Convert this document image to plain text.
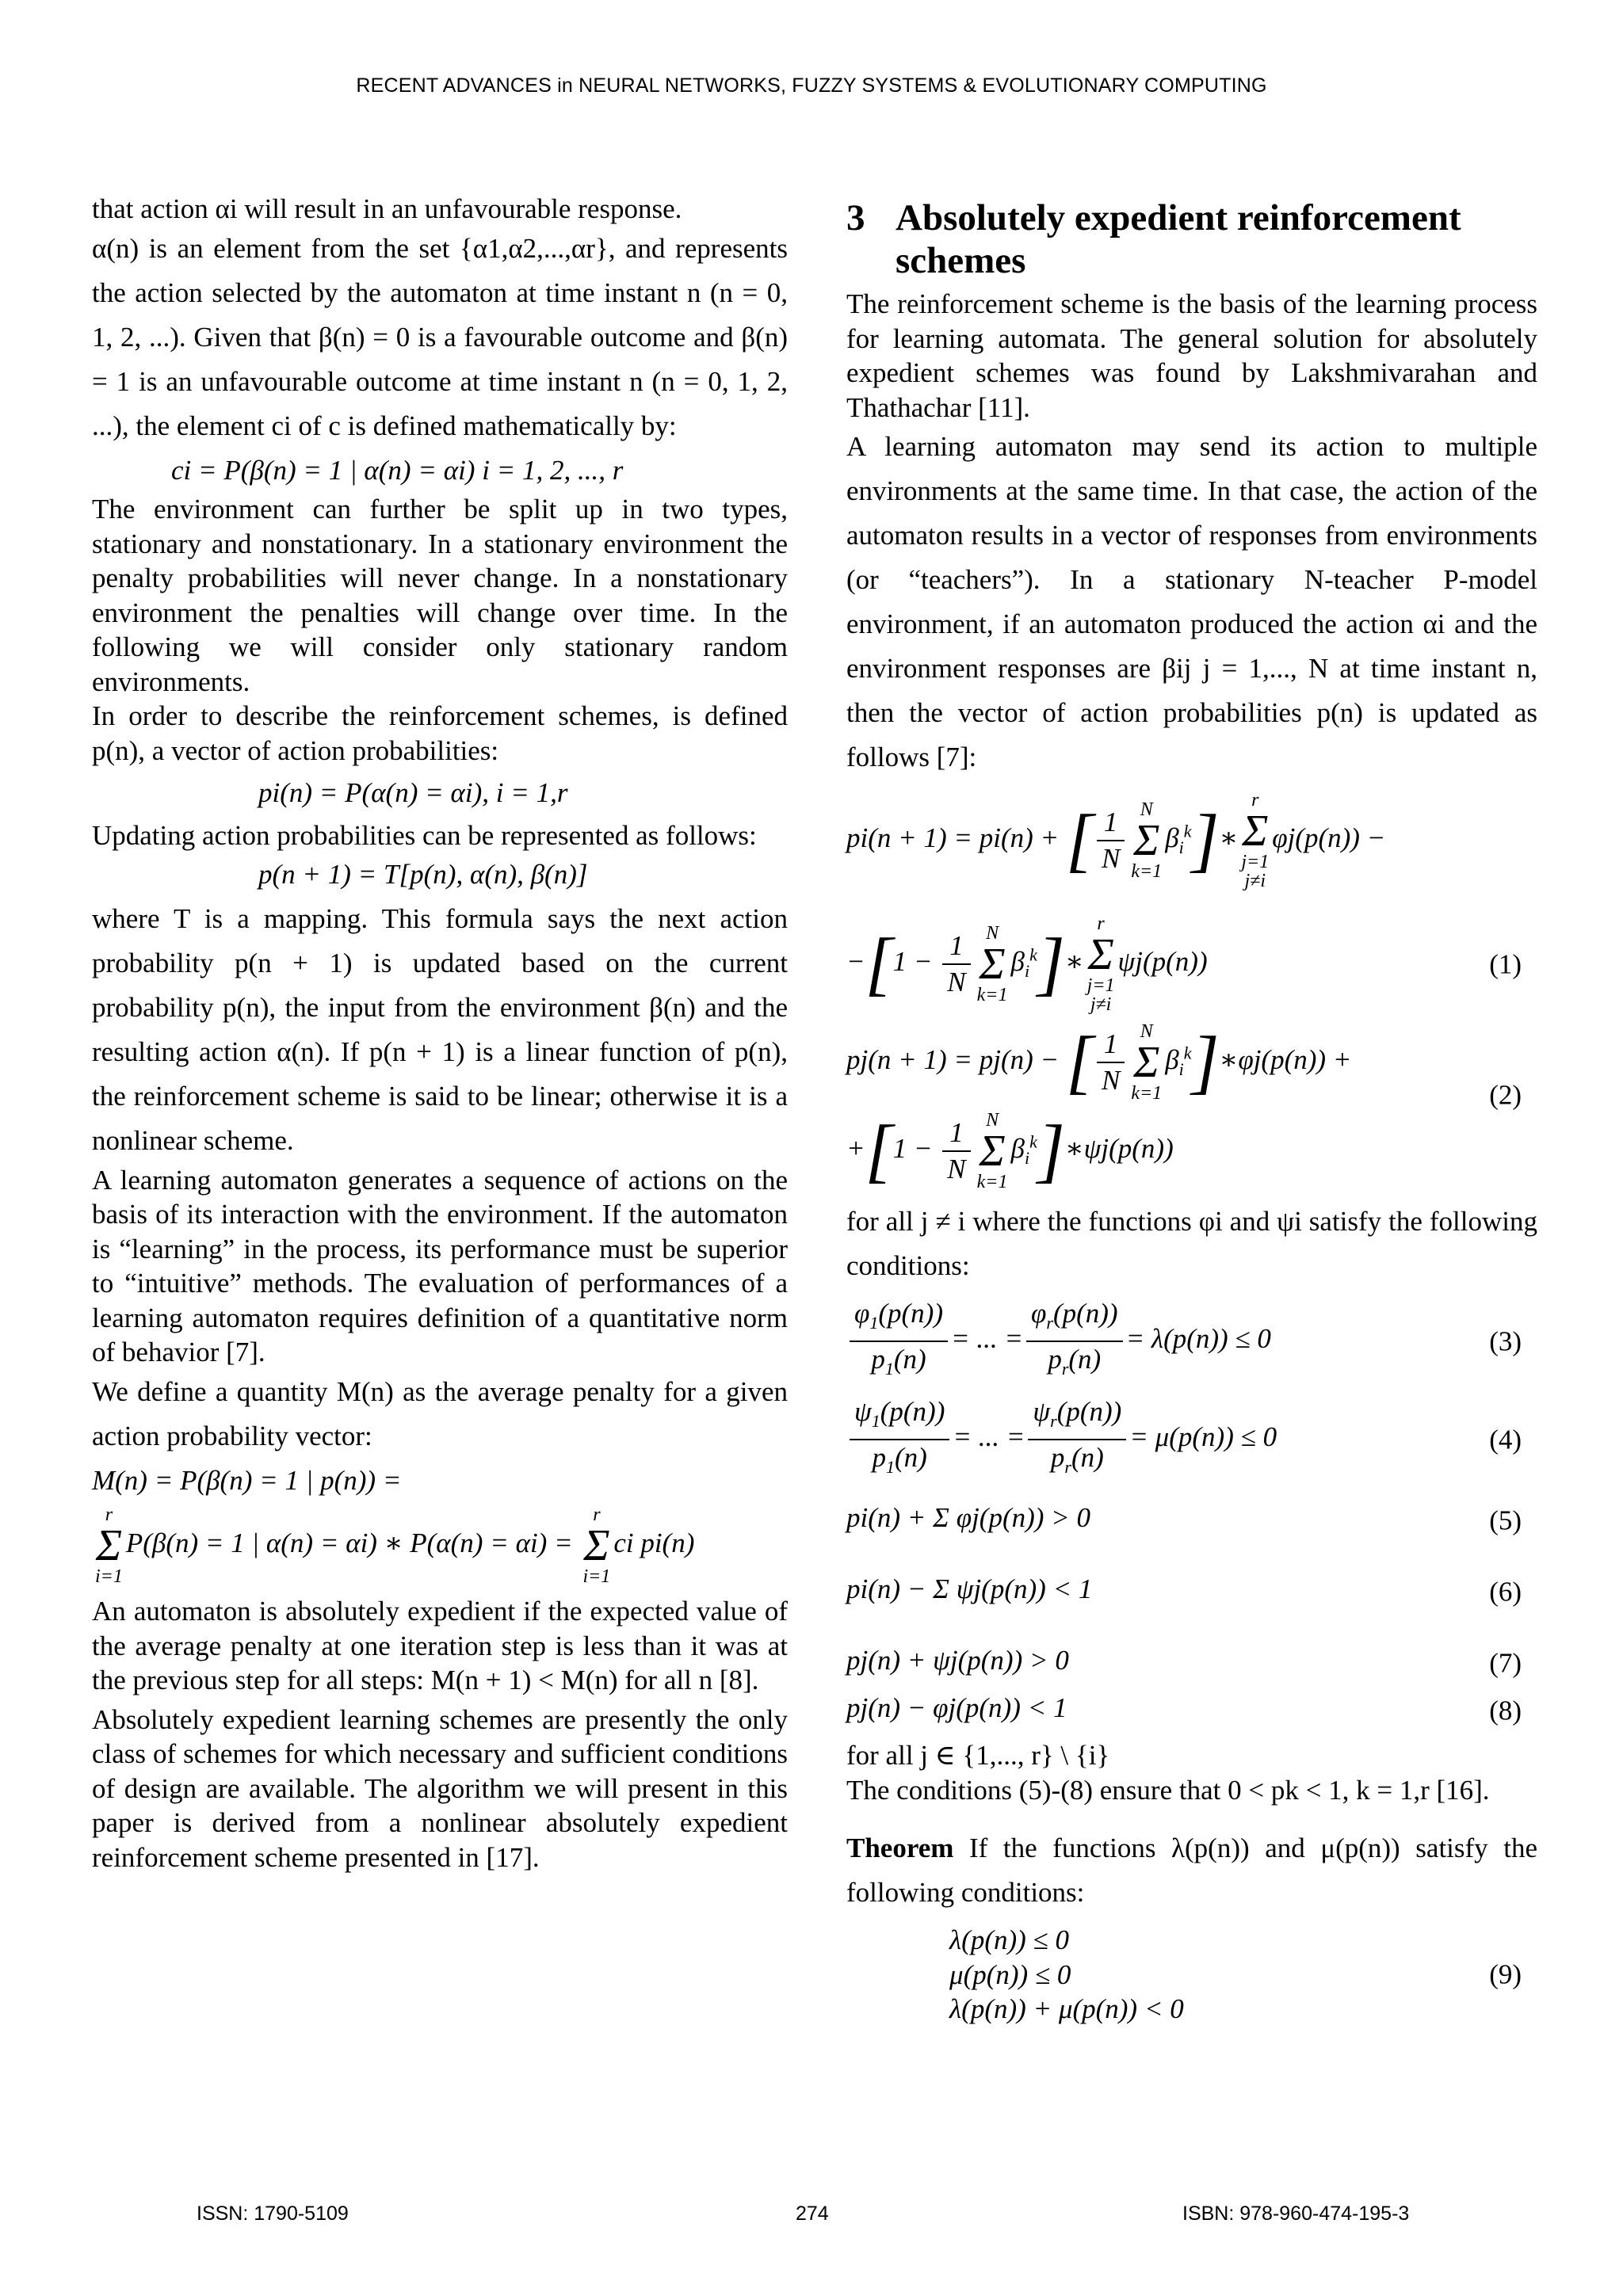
RECENT ADVANCES in NEURAL NETWORKS, FUZZY SYSTEMS & EVOLUTIONARY COMPUTING

that action αi will result in an unfavourable response.

α(n) is an element from the set {α1,α2,...,αr}, and represents the action selected by the automaton at time instant n (n = 0, 1, 2, ...). Given that β(n) = 0 is a favourable outcome and β(n) = 1 is an unfavourable outcome at time instant n (n = 0, 1, 2, ...), the element ci of c is defined mathematically by:

ci = P(β(n) = 1 | α(n) = αi) i = 1, 2, ..., r

The environment can further be split up in two types, stationary and nonstationary. In a stationary environment the penalty probabilities will never change. In a nonstationary environment the penalties will change over time. In the following we will consider only stationary random environments.

In order to describe the reinforcement schemes, is defined p(n), a vector of action probabilities:

pi(n) = P(α(n) = αi), i = 1,r

Updating action probabilities can be represented as follows:

p(n + 1) = T[p(n), α(n), β(n)]

where T is a mapping. This formula says the next action probability p(n + 1) is updated based on the current probability p(n), the input from the environment β(n) and the resulting action α(n). If p(n + 1) is a linear function of p(n), the reinforcement scheme is said to be linear; otherwise it is a nonlinear scheme.

A learning automaton generates a sequence of actions on the basis of its interaction with the environment. If the automaton is “learning” in the process, its performance must be superior to “intuitive” methods. The evaluation of performances of a learning automaton requires definition of a quantitative norm of behavior [7].

We define a quantity M(n) as the average penalty for a given action probability vector:

M(n) = P(β(n) = 1 | p(n)) =
r
Σ
i=1P(β(n) = 1 | α(n) = αi) ∗ P(α(n) = αi) = r
Σ
i=1ci pi(n)

An automaton is absolutely expedient if the expected value of the average penalty at one iteration step is less than it was at the previous step for all steps: M(n + 1) < M(n) for all n [8].

Absolutely expedient learning schemes are presently the only class of schemes for which necessary and sufficient conditions of design are available. The algorithm we will present in this paper is derived from a nonlinear absolutely expedient reinforcement scheme presented in [17].

3 Absolutely expedient reinforcement
schemes

The reinforcement scheme is the basis of the learning process for learning automata. The general solution for absolutely expedient schemes was found by Lakshmivarahan and Thathachar [11].

A learning automaton may send its action to multiple environments at the same time. In that case, the action of the automaton results in a vector of responses from environments (or “teachers”). In a stationary N-teacher P-model environment, if an automaton produced the action αi and the environment responses are βij j = 1,..., N at time instant n, then the vector of action probabilities p(n) is updated as follows [7]:

pi(n + 1) = pi(n) + [ $\frac{1}{N}$ N
Σ
$k=1\beta_i^k]∗r$
Σ
j=1
j≠iφj(p(n)) −
$-[1 - \frac{1}{N}$ N
Σ
$k=1\beta_i^k]∗r$
Σ
j=1
j≠iψj(p(n))	(1)
pj(n + 1) = pj(n) − [ $\frac{1}{N}$ N
Σ
$k=1\beta_i^k]∗\varphi j(p(n))$ +
$+[1 - \frac{1}{N}$ N
Σ
$k=1\beta_i^k]∗\psi j(p(n))$
(2)

for all j ≠ i where the functions φi and ψi satisfy the following conditions:

$\frac{\varphi_1(p(n))}{p_1(n)}$ = ... = $\frac{\varphi_r(p(n))}{p_r(n)} = \lambda(p(n)) \le 0$	(3)
$\frac{\psi_1(p(n))}{p_1(n)}$ = ... = $\frac{\psi_r(p(n))}{p_r(n)} = \mu(p(n)) \le 0$	(4)
pi(n) + Σ φj(p(n)) > 0	(5)
pi(n) − Σ ψj(p(n)) < 1	(6)
pj(n) + ψj(p(n)) > 0	(7)
pj(n) − φj(p(n)) < 1	(8)

for all j ∈ {1,..., r} \ {i}

The conditions (5)-(8) ensure that 0 < pk < 1, k = 1,r [16].

Theorem If the functions λ(p(n)) and μ(p(n)) satisfy the following conditions:

λ(p(n)) ≤ 0
μ(p(n)) ≤ 0
λ(p(n)) + μ(p(n)) < 0
(9)
ISSN: 1790-5109	274	ISBN: 978-960-474-195-3
